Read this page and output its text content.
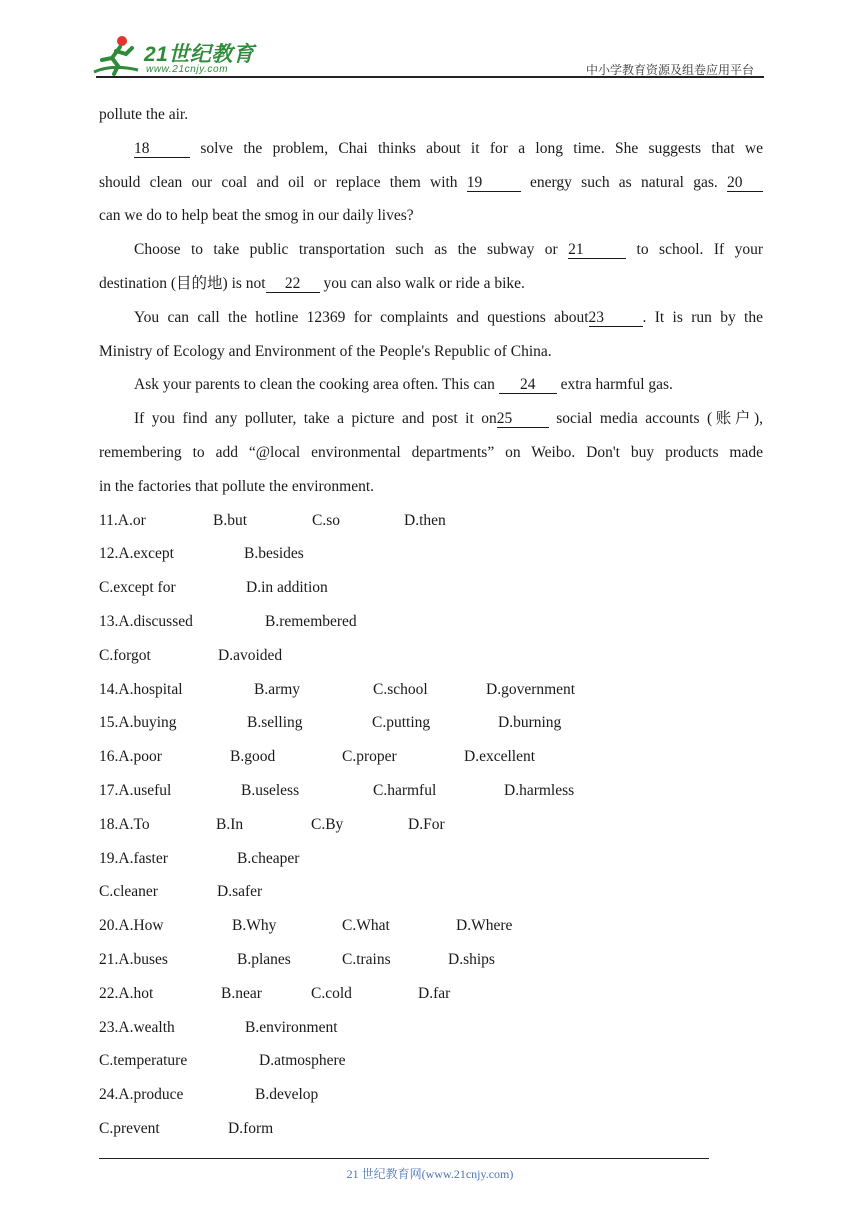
21世纪教育
www.21cnjy.com	中小学教育资源及组卷应用平台
pollute the air.
18	solve the problem, Chai thinks about it for a long time. She suggests that we
should clean our coal and oil or replace them with 19	energy such as natural gas. 20
can we do to help beat the smog in our daily lives?
Choose to take public transportation such as the subway or 21	to school. If your
destination (目的地) is not 22 you can also walk or ride a bike.
You can call the hotline 12369 for complaints and questions about23 . It is run by the
Ministry of Ecology and Environment of the People's Republic of China.
Ask your parents to clean the cooking area often. This can 24 extra harmful gas.
If you find any polluter, take a picture and post it on25	social media accounts (账户),
remembering to add “@local environmental departments” on Weibo. Don't buy products made
in the factories that pollute the environment.
11.A.or	B.but	C.so	D.then
12.A.except	B.besides
C.except for	D.in addition
13.A.discussed	B.remembered
C.forgot	D.avoided
14.A.hospital	B.army	C.school	D.government
15.A.buying	B.selling	C.putting	D.burning
16.A.poor	B.good	C.proper	D.excellent
17.A.useful	B.useless	C.harmful	D.harmless
18.A.To	B.In	C.By	D.For
19.A.faster	B.cheaper
C.cleaner	D.safer
20.A.How	B.Why	C.What	D.Where
21.A.buses	B.planes	C.trains	D.ships
22.A.hot	B.near	C.cold	D.far
23.A.wealth	B.environment
C.temperature	D.atmosphere
24.A.produce	B.develop
C.prevent	D.form
21 世纪教育网(www.21cnjy.com)
